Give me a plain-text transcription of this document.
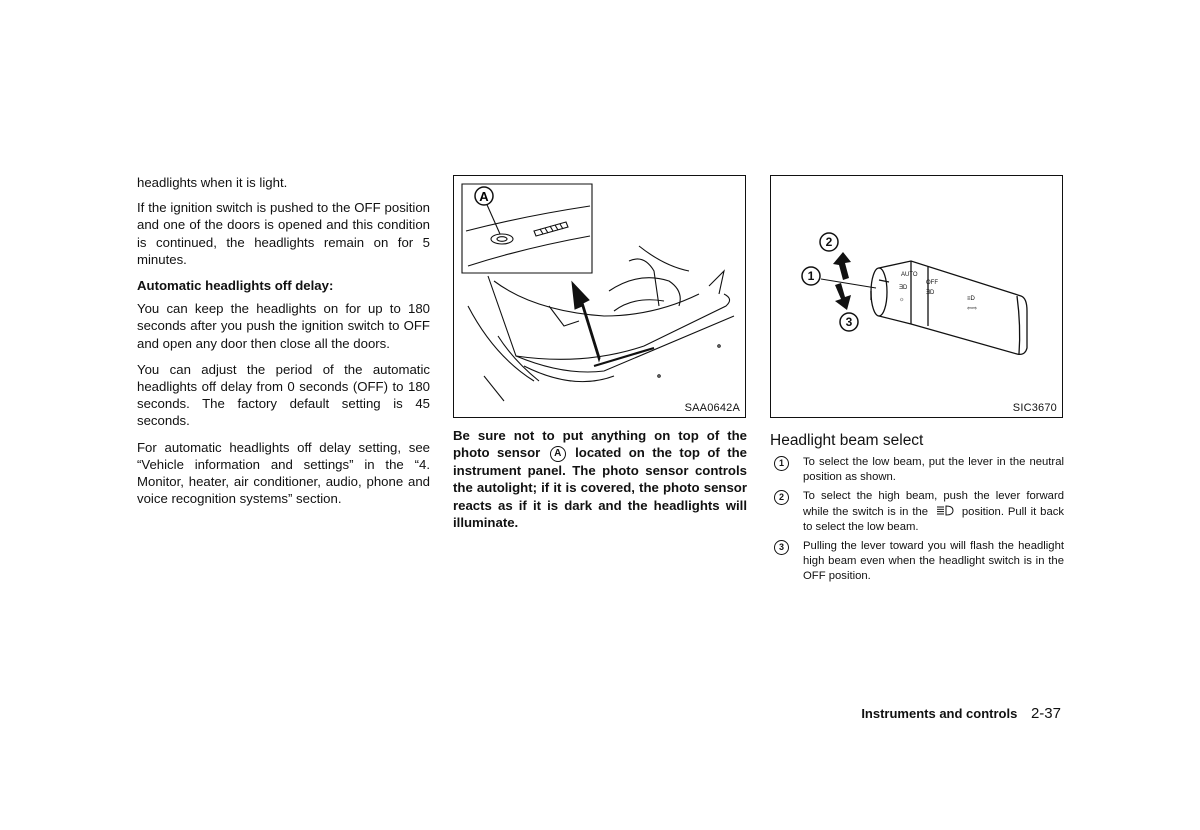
headlights when it is light.

If the ignition switch is pushed to the OFF position and one of the doors is opened and this condition is continued, the headlights remain on for 5 minutes.

Automatic headlights off delay:

You can keep the headlights on for up to 180 seconds after you push the ignition switch to OFF and open any door then close all the doors.

You can adjust the period of the automatic headlights off delay from 0 seconds (OFF) to 180 seconds. The factory default setting is 45 seconds.

For automatic headlights off delay setting, see “Vehicle information and settings” in the “4. Monitor, heater, air conditioner, audio, phone and voice recognition systems” section.

A
SAA0642A

Be sure not to put anything on top of the photo sensor A located on the top of the instrument panel. The photo sensor controls the autolight; if it is covered, the photo sensor reacts as if it is dark and the headlights will illuminate.

AUTO
OFF
ƎD
ƎD
☼	≡D
⇦⇨
2
1
3
SIC3670
Headlight beam select
1	To select the low beam, put the lever in the neutral position as shown.
2	To select the high beam, push the lever forward while the switch is in the	position. Pull it back to select the low beam.
3	Pulling the lever toward you will flash the headlight high beam even when the headlight switch is in the OFF position.
Instruments and controls 2-37
